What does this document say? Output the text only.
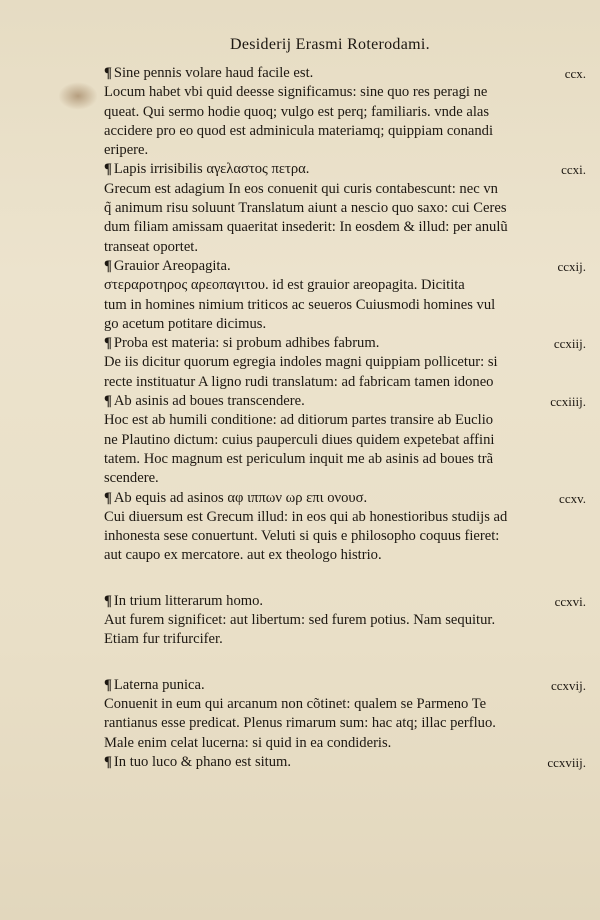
Desiderij Erasmi Roterodami.
¶ Sine pennis volare haud facile est.	ccx.
Locum habet vbi quid deesse significamus: sine quo res peragi ne
queat. Qui sermo hodie quoq; vulgo est perq; familiaris. vnde alas
accidere pro eo quod est adminicula materiamq; quippiam conandi
eripere.
¶ Lapis irrisibilis αγελαστος πετρα.	ccxi.
Grecum est adagium In eos conuenit qui curis contabescunt: nec vn
q̃ animum risu soluunt Translatum aiunt a nescio quo saxo: cui Ceres
dum filiam amissam quaeritat insederit: In eosdem & illud: per anulũ
transeat oportet.
¶ Grauior Areopagita.	ccxij.
στεραροτηρος αρεοπαγιτου. id est grauior areopagita. Dicitita
tum in homines nimium triticos ac seueros Cuiusmodi homines vul
go acetum potitare dicimus.
¶ Proba est materia: si probum adhibes fabrum.	ccxiij.
De iis dicitur quorum egregia indoles magni quippiam pollicetur: si
recte instituatur A ligno rudi translatum: ad fabricam tamen idoneo
¶ Ab asinis ad boues transcendere.	ccxiiij.
Hoc est ab humili conditione: ad ditiorum partes transire ab Euclio
ne Plautino dictum: cuius pauperculi diues quidem expetebat affini
tatem. Hoc magnum est periculum inquit me ab asinis ad boues trã
scendere.
¶ Ab equis ad asinos αφ ιππων ωρ επι ονουσ.	ccxv.
Cui diuersum est Grecum illud: in eos qui ab honestioribus studijs ad
inhonesta sese conuertunt. Veluti si quis e philosopho coquus fieret:
aut caupo ex mercatore. aut ex theologo histrio.
¶ In trium litterarum homo.	ccxvi.
Aut furem significet: aut libertum: sed furem potius. Nam sequitur.
Etiam fur trifurcifer.
¶ Laterna punica.	ccxvij.
Conuenit in eum qui arcanum non cõtinet: qualem se Parmeno Te
rantianus esse predicat. Plenus rimarum sum: hac atq; illac perfluo.
Male enim celat lucerna: si quid in ea condideris.
¶ In tuo luco & phano est situm.	ccxviij.
